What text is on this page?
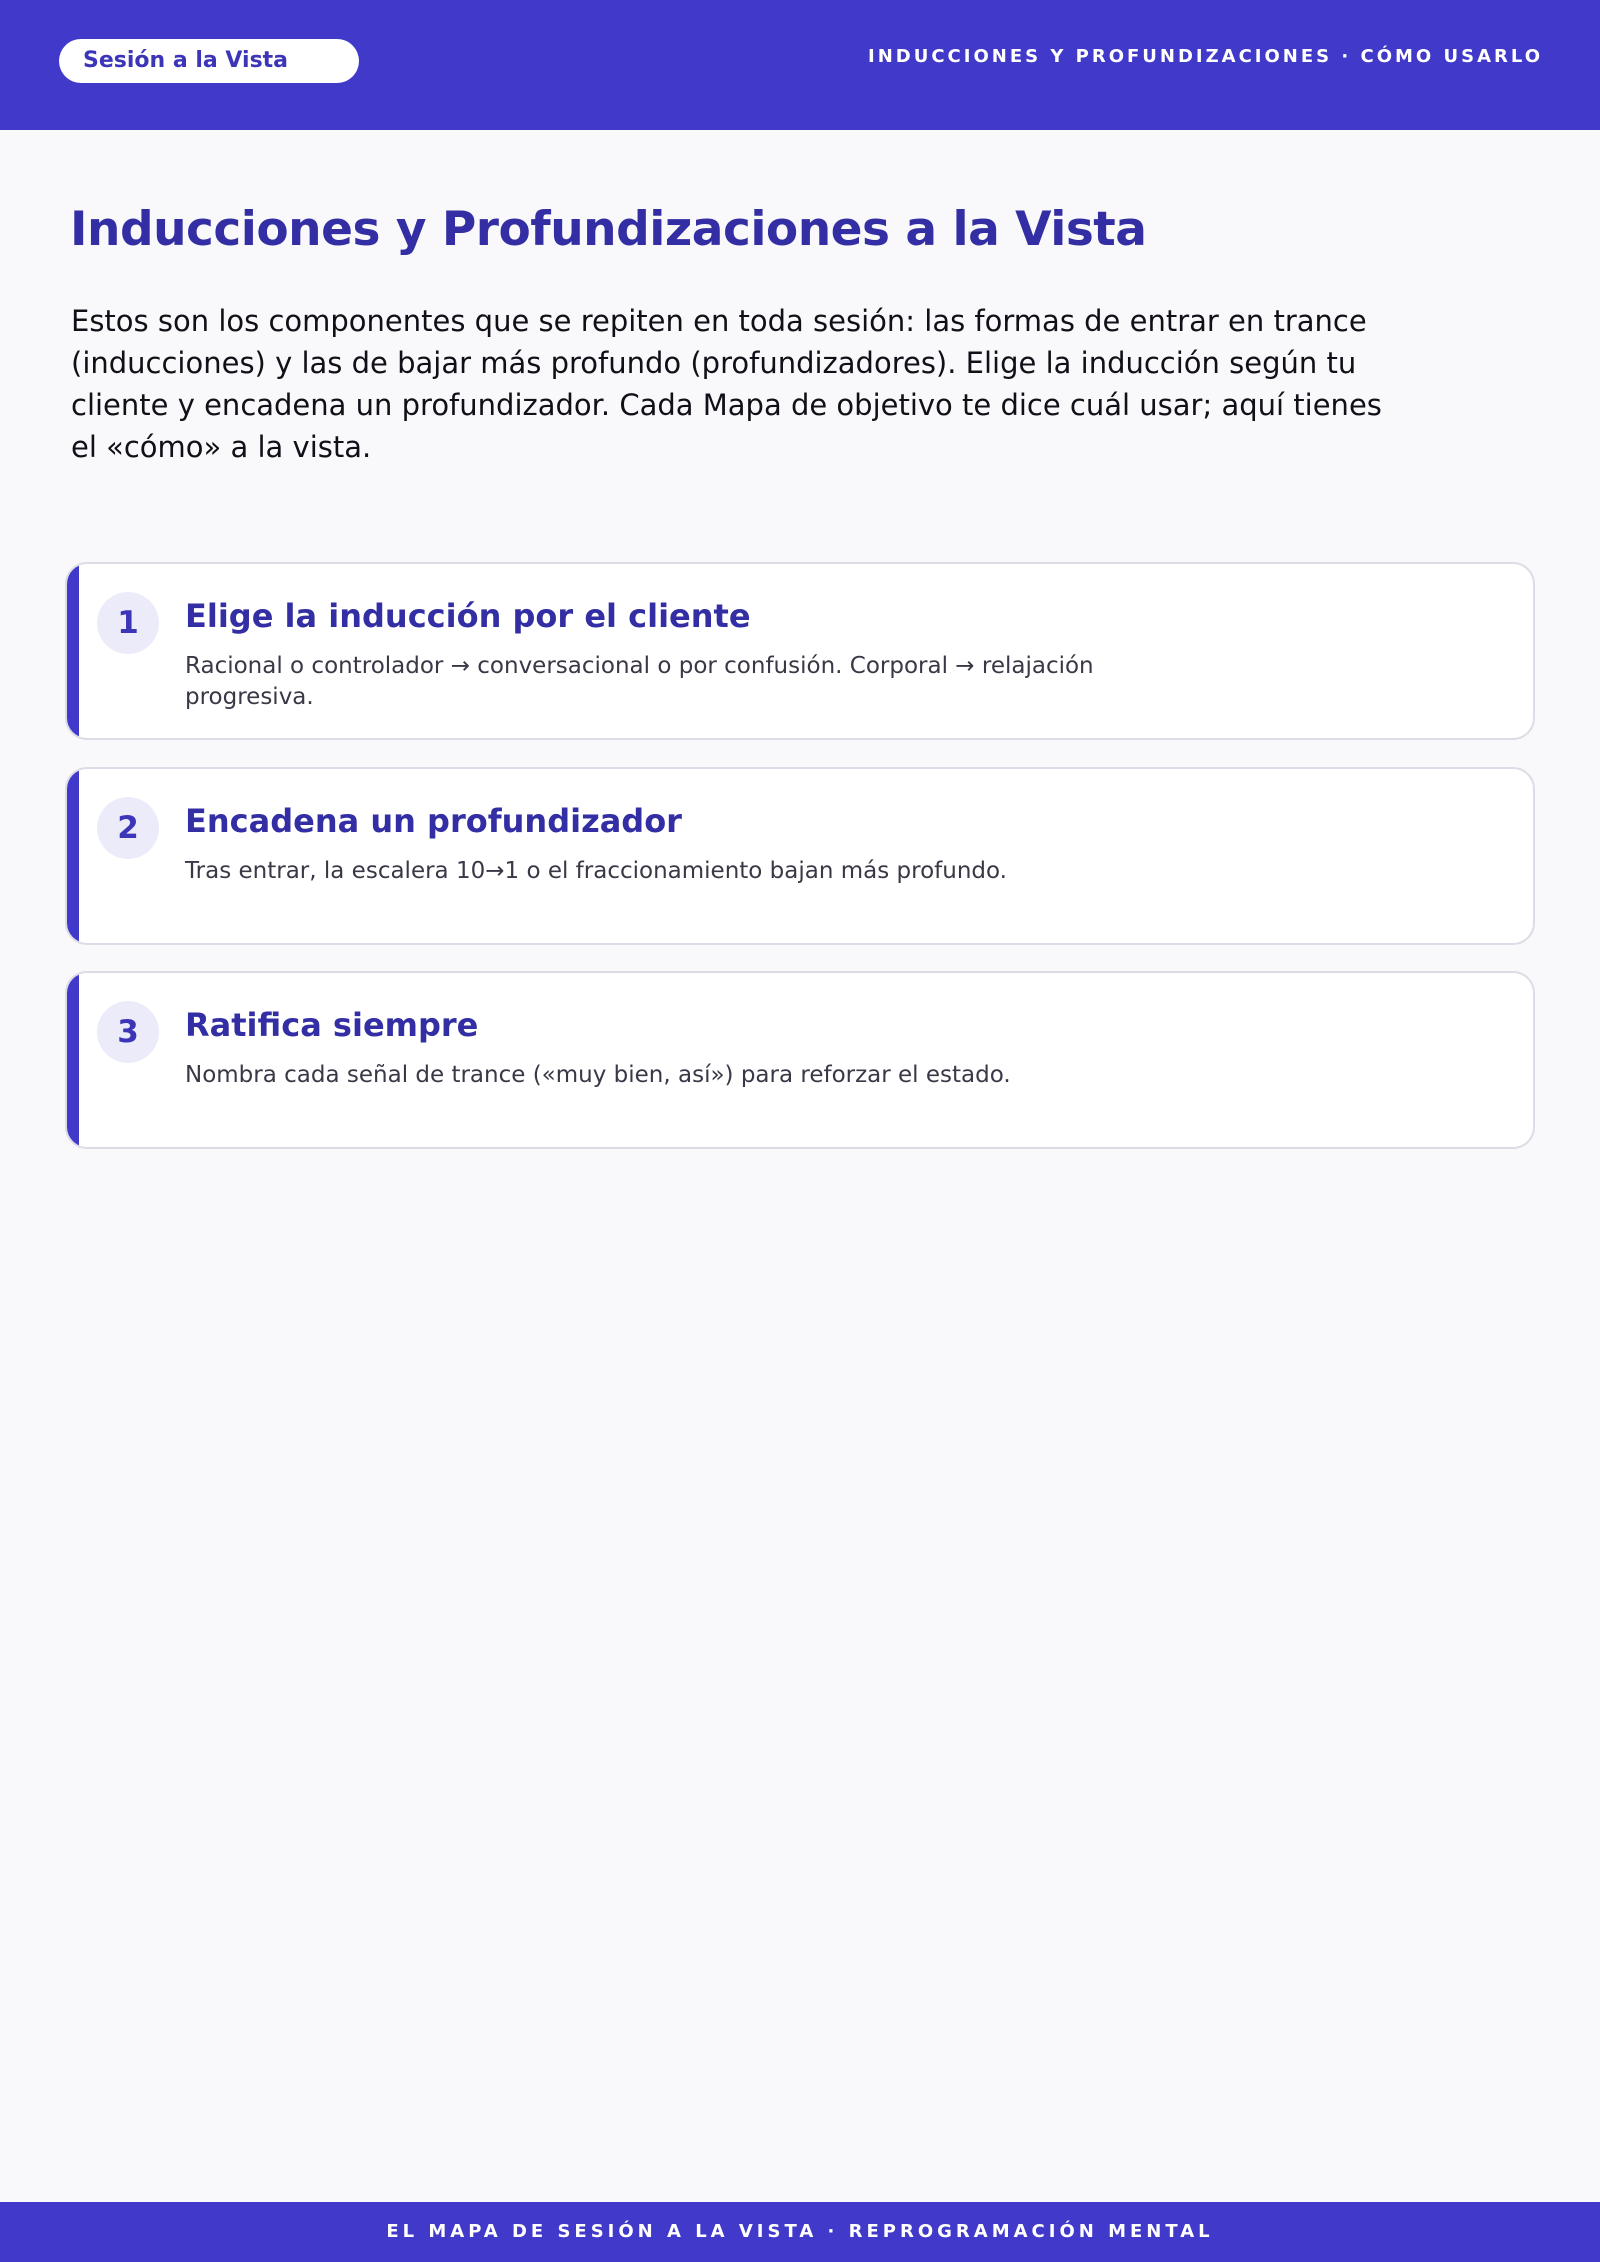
Sesión a la Vista	INDUCCIONES Y PROFUNDIZACIONES · CÓMO USARLO
Inducciones y Profundizaciones a la Vista

Estos son los componentes que se repiten en toda sesión: las formas de entrar en trance (inducciones) y las de bajar más profundo (profundizadores). Elige la inducción según tu cliente y encadena un profundizador. Cada Mapa de objetivo te dice cuál usar; aquí tienes el «cómo» a la vista.

1	Elige la inducción por el cliente

Racional o controlador → conversacional o por confusión. Corporal → relajación progresiva.

2	Encadena un profundizador

Tras entrar, la escalera 10→1 o el fraccionamiento bajan más profundo.

3	Ratifica siempre

Nombra cada señal de trance («muy bien, así») para reforzar el estado.

EL MAPA DE SESIÓN A LA VISTA · REPROGRAMACIÓN MENTAL
